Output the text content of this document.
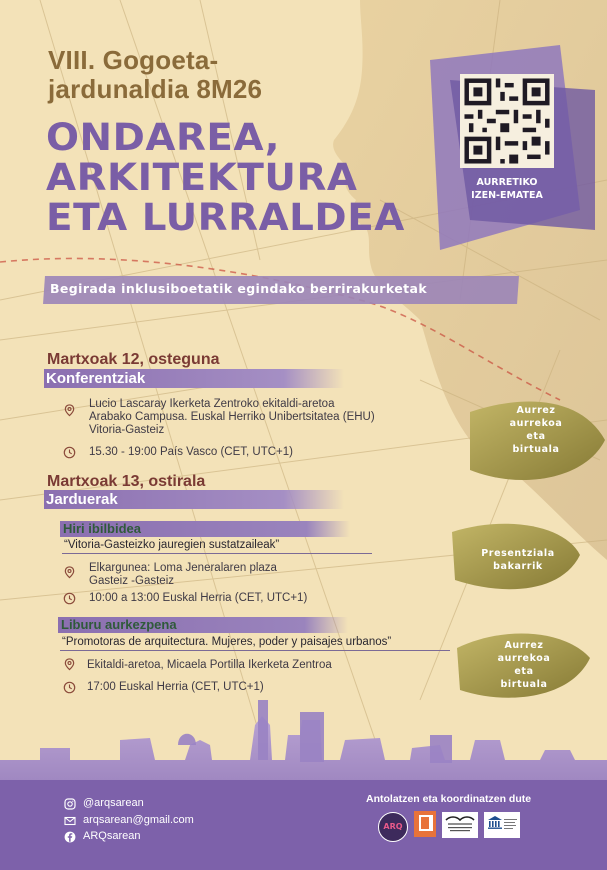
VIII. Gogoeta-jardunaldia 8M26
ONDAREA,
ARKITEKTURA
ETA LURRALDEA
Begirada inklusiboetatik egindako berrirakurketak
AURRETIKO
IZEN-EMATEA
Martxoak 12, osteguna
Konferentziak
Lucio Lascaray Ikerketa Zentroko ekitaldi-aretoa
Arabako Campusa. Euskal Herriko Unibertsitatea (EHU)
Vitoria-Gasteiz
15.30 - 19:00 País Vasco (CET, UTC+1)
Aurrez
aurrekoa
eta
birtuala
Martxoak 13, ostirala
Jarduerak
Hiri ibilbidea
“Vitoria-Gasteizko jauregien sustatzaileak”
Elkargunea: Loma Jeneralaren plaza
Gasteiz -Gasteiz
10:00 a 13:00 Euskal Herria (CET, UTC+1)
Presentziala
bakarrik
Liburu aurkezpena
“Promotoras de arquitectura. Mujeres, poder y paisajes urbanos”
Ekitaldi-aretoa, Micaela Portilla Ikerketa Zentroa
17:00 Euskal Herria (CET, UTC+1)
Aurrez
aurrekoa
eta
birtuala
@arqsarean
arqsarean@gmail.com
ARQsarean
Antolatzen eta koordinatzen dute
ARQ
